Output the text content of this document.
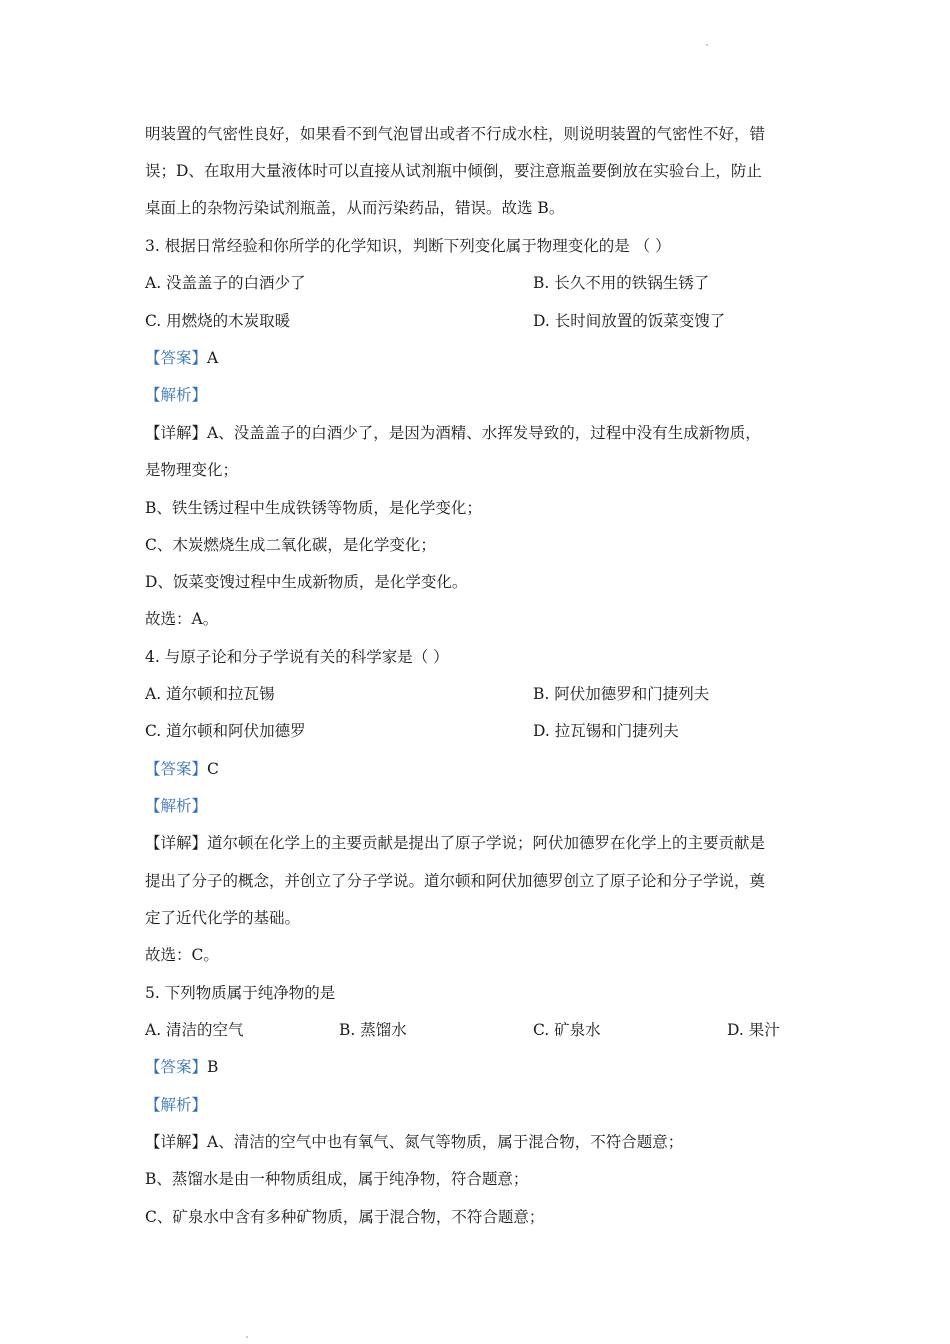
明装置的气密性良好，如果看不到气泡冒出或者不行成水柱，则说明装置的气密性不好，错
误；D、在取用大量液体时可以直接从试剂瓶中倾倒，要注意瓶盖要倒放在实验台上，防止
桌面上的杂物污染试剂瓶盖，从而污染药品，错误。故选 B。
3. 根据日常经验和你所学的化学知识，判断下列变化属于物理变化的是 （ ）
A. 没盖盖子的白酒少了	B. 长久不用的铁锅生锈了
C. 用燃烧的木炭取暖	D. 长时间放置的饭菜变馊了
【答案】A
【解析】
【详解】A、没盖盖子的白酒少了，是因为酒精、水挥发导致的，过程中没有生成新物质，
是物理变化；
B、铁生锈过程中生成铁锈等物质，是化学变化；
C、木炭燃烧生成二氧化碳，是化学变化；
D、饭菜变馊过程中生成新物质，是化学变化。
故选：A。
4. 与原子论和分子学说有关的科学家是（ ）
A. 道尔顿和拉瓦锡	B. 阿伏加德罗和门捷列夫
C. 道尔顿和阿伏加德罗	D. 拉瓦锡和门捷列夫
【答案】C
【解析】
【详解】道尔顿在化学上的主要贡献是提出了原子学说；阿伏加德罗在化学上的主要贡献是
提出了分子的概念，并创立了分子学说。道尔顿和阿伏加德罗创立了原子论和分子学说，奠
定了近代化学的基础。
故选：C。
5. 下列物质属于纯净物的是
A. 清洁的空气	B. 蒸馏水	C. 矿泉水	D. 果汁
【答案】B
【解析】
【详解】A、清洁的空气中也有氧气、氮气等物质，属于混合物，不符合题意；
B、蒸馏水是由一种物质组成，属于纯净物，符合题意；
C、矿泉水中含有多种矿物质，属于混合物，不符合题意；
